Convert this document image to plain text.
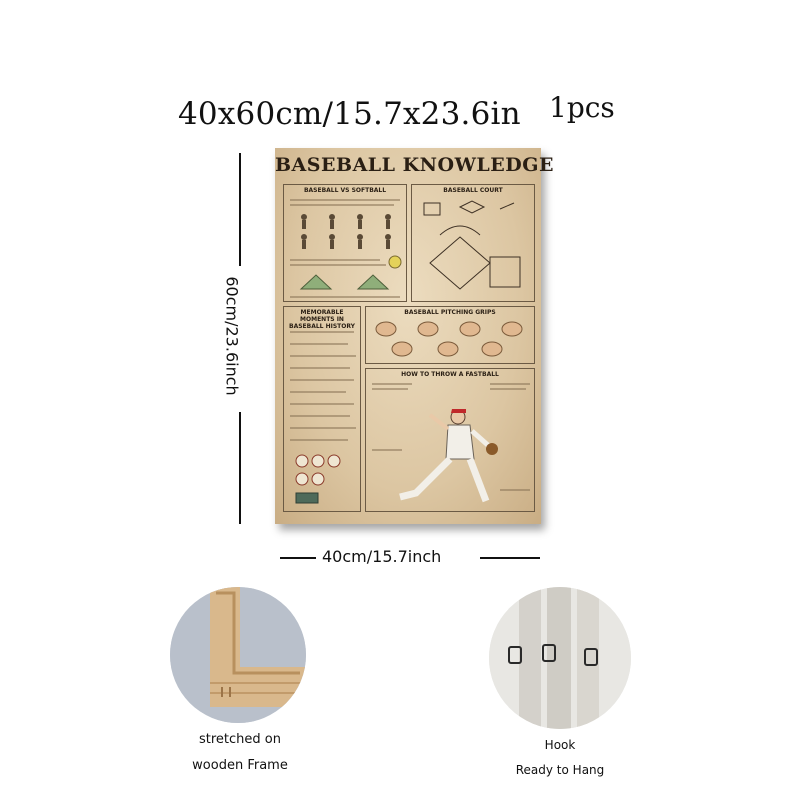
40x60cm/15.7x23.6in 1pcs
60cm/23.6inch
40cm/15.7inch
BASEBALL KNOWLEDGE
BASEBALL VS SOFTBALL	BASEBALL COURT
MEMORABLE MOMENTS IN BASEBALL HISTORY
BASEBALL PITCHING GRIPS
HOW TO THROW A FASTBALL
stretched on
wooden Frame
Hook
Ready to Hang
